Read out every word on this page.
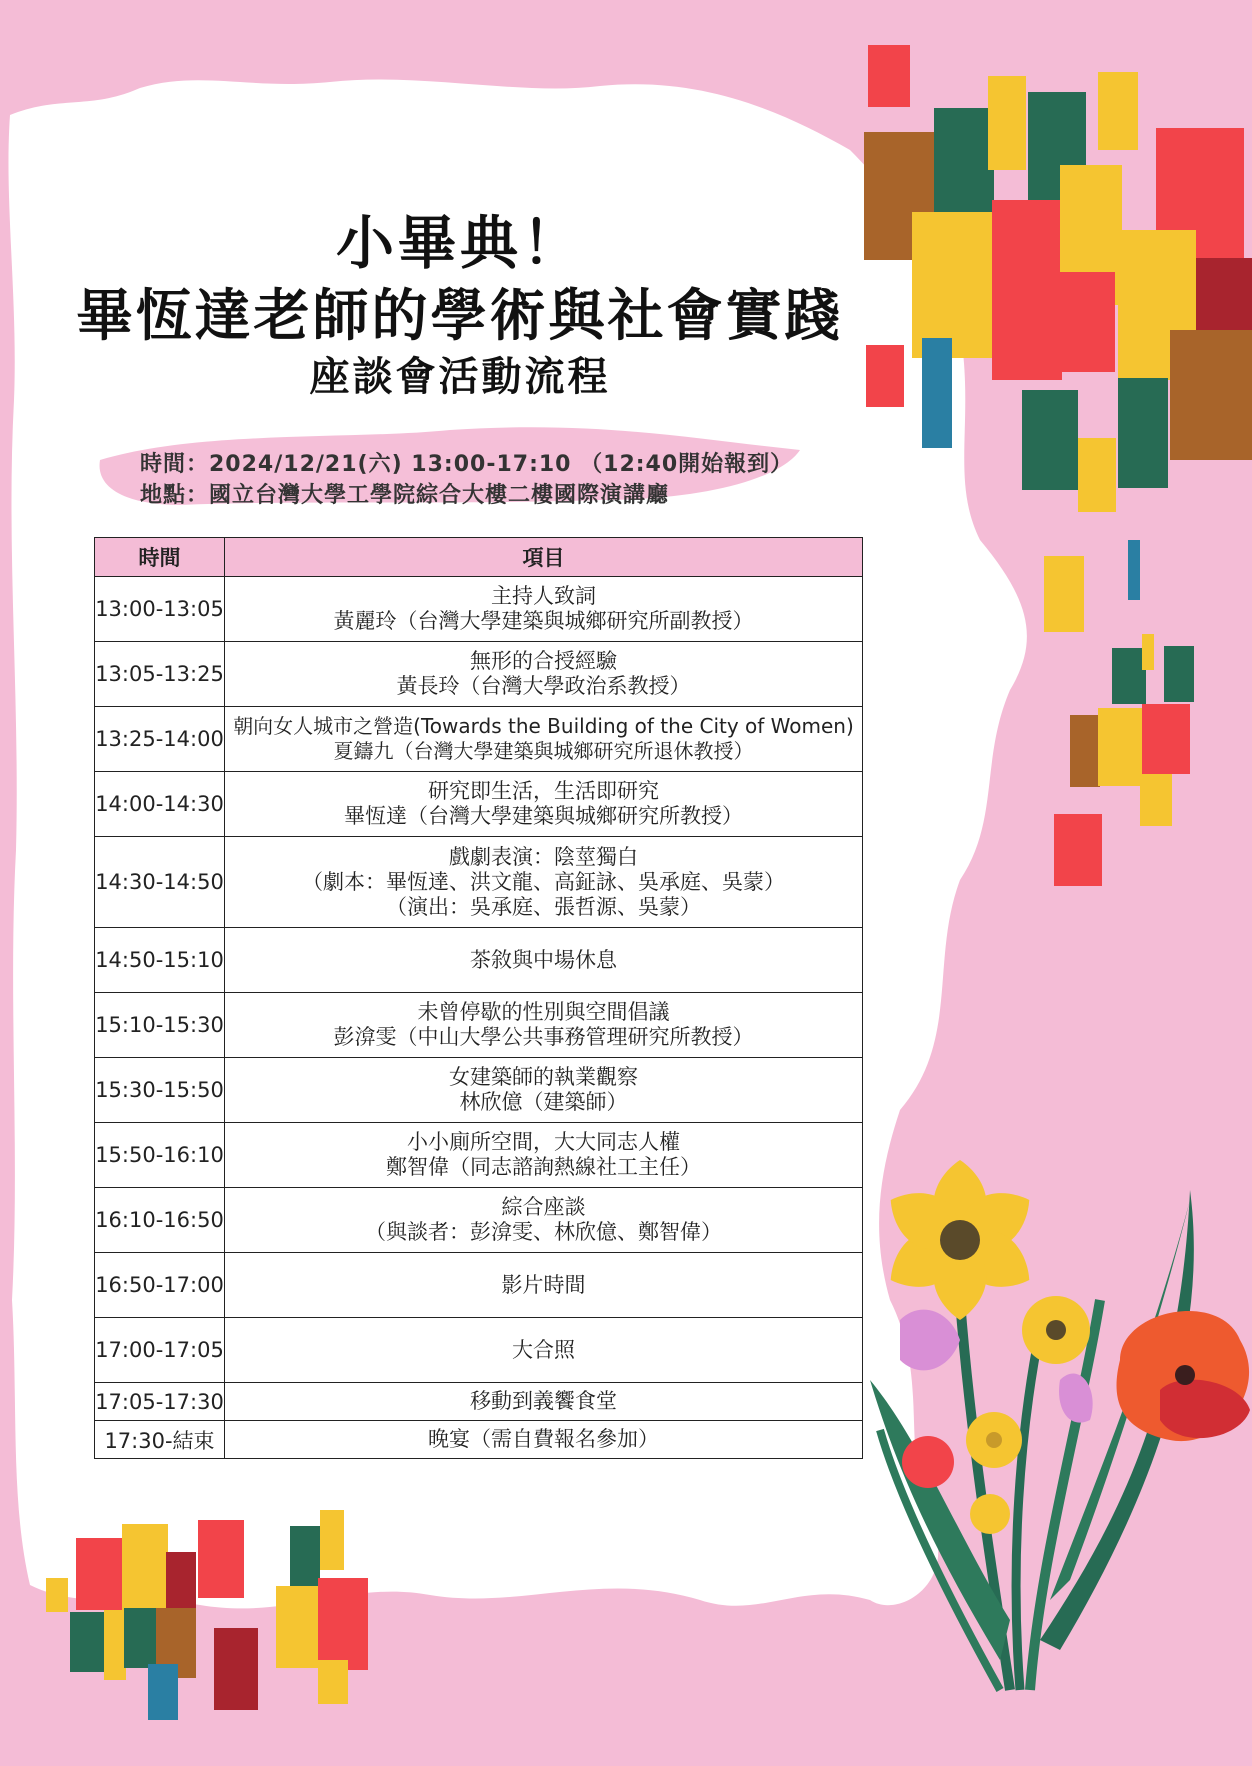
小畢典！
畢恆達老師的學術與社會實踐
座談會活動流程
時間：2024/12/21(六) 13:00-17:10 （12:40開始報到）
地點：國立台灣大學工學院綜合大樓二樓國際演講廳
時間	項目
13:00-13:05	主持人致詞
黃麗玲（台灣大學建築與城鄉研究所副教授）

13:05-13:25	無形的合授經驗
黃長玲（台灣大學政治系教授）

13:25-14:00	朝向女人城市之營造(Towards the Building of the City of Women)
夏鑄九（台灣大學建築與城鄉研究所退休教授）

14:00-14:30	研究即生活，生活即研究
畢恆達（台灣大學建築與城鄉研究所教授）

14:30-14:50	戲劇表演：陰莖獨白
（劇本：畢恆達、洪文龍、高鉦詠、吳承庭、吳蒙）
（演出：吳承庭、張哲源、吳蒙）

14:50-15:10	茶敘與中場休息

15:10-15:30	未曾停歇的性別與空間倡議
彭渰雯（中山大學公共事務管理研究所教授）

15:30-15:50	女建築師的執業觀察
林欣億（建築師）

15:50-16:10	小小廁所空間，大大同志人權
鄭智偉（同志諮詢熱線社工主任）

16:10-16:50	綜合座談
（與談者：彭渰雯、林欣億、鄭智偉）

16:50-17:00	影片時間

17:00-17:05	大合照

17:05-17:30	移動到義饗食堂

17:30-結束	晚宴（需自費報名參加）
